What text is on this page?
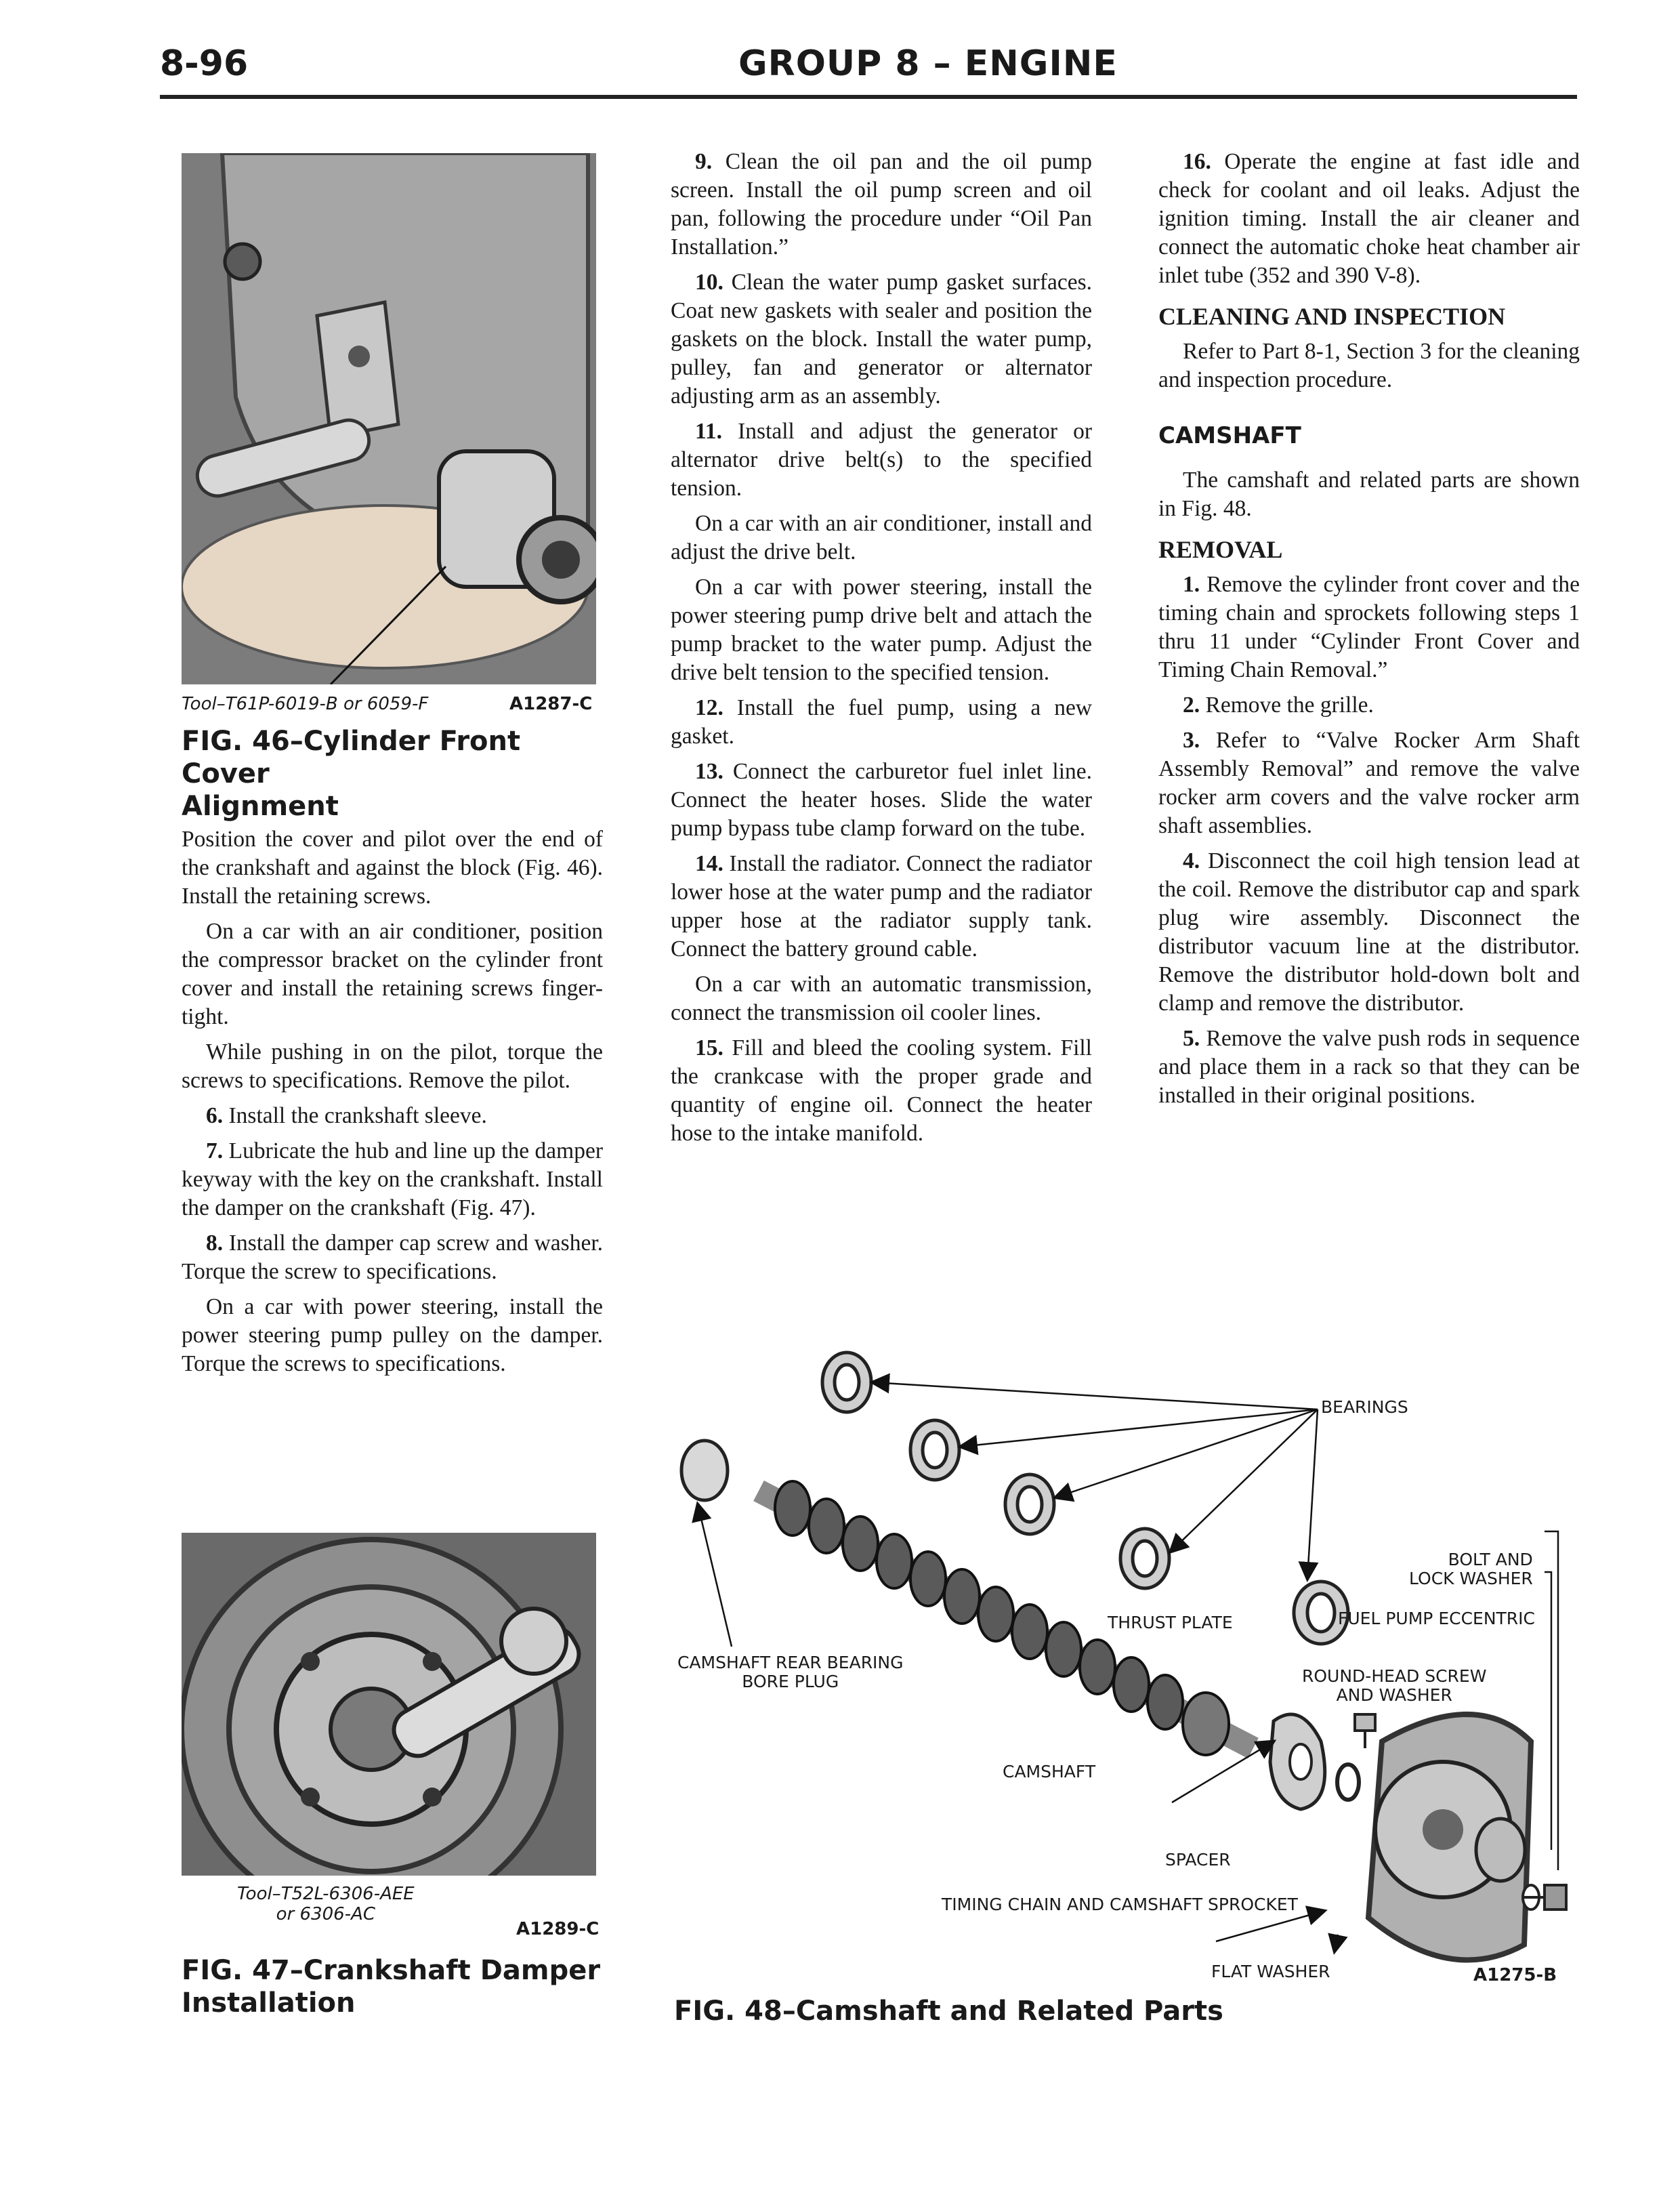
8-96	GROUP 8 – ENGINE
Tool–T61P-6019-B or 6059-F	A1287-C
FIG. 46–Cylinder Front Cover
Alignment

Position the cover and pilot over the end of the crankshaft and against the block (Fig. 46). Install the retaining screws.

On a car with an air conditioner, position the compressor bracket on the cylinder front cover and install the retaining screws finger-tight.

While pushing in on the pilot, torque the screws to specifications. Remove the pilot.

6. Install the crankshaft sleeve.

7. Lubricate the hub and line up the damper keyway with the key on the crankshaft. Install the damper on the crankshaft (Fig. 47).

8. Install the damper cap screw and washer. Torque the screw to specifications.

On a car with power steering, install the power steering pump pulley on the damper. Torque the screws to specifications.

Tool–T52L-6306-AEE
or 6306-AC
A1289-C
FIG. 47–Crankshaft Damper
Installation

9. Clean the oil pan and the oil pump screen. Install the oil pump screen and oil pan, following the procedure under “Oil Pan Installation.”

10. Clean the water pump gasket surfaces. Coat new gaskets with sealer and position the gaskets on the block. Install the water pump, pulley, fan and generator or alternator adjusting arm as an assembly.

11. Install and adjust the generator or alternator drive belt(s) to the specified tension.

On a car with an air conditioner, install and adjust the drive belt.

On a car with power steering, install the power steering pump drive belt and attach the pump bracket to the water pump. Adjust the drive belt tension to the specified tension.

12. Install the fuel pump, using a new gasket.

13. Connect the carburetor fuel inlet line. Connect the heater hoses. Slide the water pump bypass tube clamp forward on the tube.

14. Install the radiator. Connect the radiator lower hose at the water pump and the radiator upper hose at the radiator supply tank. Connect the battery ground cable.

On a car with an automatic transmission, connect the transmission oil cooler lines.

15. Fill and bleed the cooling system. Fill the crankcase with the proper grade and quantity of engine oil. Connect the heater hose to the intake manifold.

16. Operate the engine at fast idle and check for coolant and oil leaks. Adjust the ignition timing. Install the air cleaner and connect the automatic choke heat chamber air inlet tube (352 and 390 V-8).

CLEANING AND INSPECTION

Refer to Part 8-1, Section 3 for the cleaning and inspection procedure.

CAMSHAFT

The camshaft and related parts are shown in Fig. 48.

REMOVAL

1. Remove the cylinder front cover and the timing chain and sprockets following steps 1 thru 11 under “Cylinder Front Cover and Timing Chain Removal.”

2. Remove the grille.

3. Refer to “Valve Rocker Arm Shaft Assembly Removal” and remove the valve rocker arm covers and the valve rocker arm shaft assemblies.

4. Disconnect the coil high tension lead at the coil. Remove the distributor cap and spark plug wire assembly. Disconnect the distributor vacuum line at the distributor. Remove the distributor hold-down bolt and clamp and remove the distributor.

5. Remove the valve push rods in sequence and place them in a rack so that they can be installed in their original positions.

BEARINGS
BOLT AND
LOCK WASHER
THRUST PLATE	FUEL PUMP ECCENTRIC
CAMSHAFT REAR BEARING
BORE PLUG	ROUND-HEAD SCREW
AND WASHER
CAMSHAFT
SPACER
TIMING CHAIN AND CAMSHAFT SPROCKET
FLAT WASHER	A1275-B
FIG. 48–Camshaft and Related Parts
